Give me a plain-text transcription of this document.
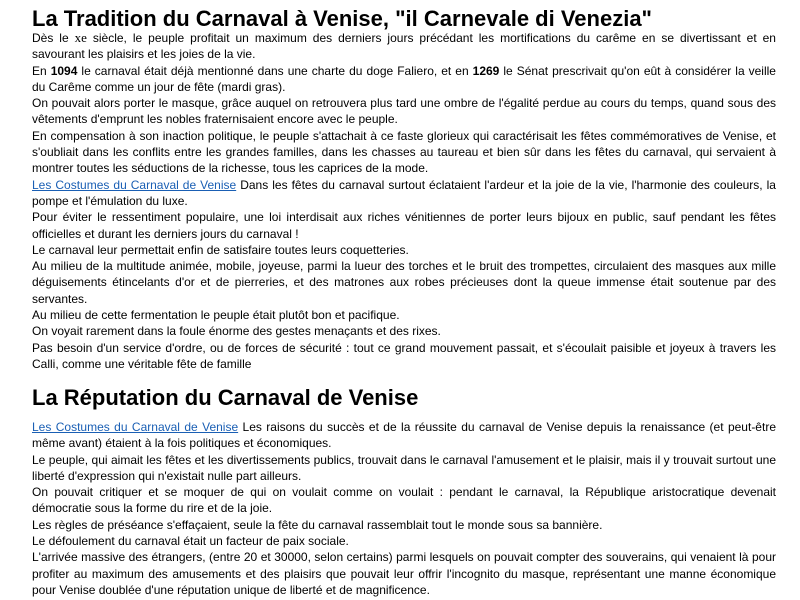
La Tradition du Carnaval à Venise, "il Carnevale di Venezia"

Dès le xe siècle, le peuple profitait un maximum des derniers jours précédant les mortifications du carême en se divertissant et en savourant les plaisirs et les joies de la vie.

En 1094 le carnaval était déjà mentionné dans une charte du doge Faliero, et en 1269 le Sénat prescrivait qu'on eût à considérer la veille du Carême comme un jour de fête (mardi gras).

On pouvait alors porter le masque, grâce auquel on retrouvera plus tard une ombre de l'égalité perdue au cours du temps, quand sous des vêtements d'emprunt les nobles fraternisaient encore avec le peuple.

En compensation à son inaction politique, le peuple s'attachait à ce faste glorieux qui caractérisait les fêtes commémoratives de Venise, et s'oubliait dans les conflits entre les grandes familles, dans les chasses au taureau et bien sûr dans les fêtes du carnaval, qui servaient à montrer toutes les séductions de la richesse, tous les caprices de la mode.

Les Costumes du Carnaval de Venise Dans les fêtes du carnaval surtout éclataient l'ardeur et la joie de la vie, l'harmonie des couleurs, la pompe et l'émulation du luxe.

Pour éviter le ressentiment populaire, une loi interdisait aux riches vénitiennes de porter leurs bijoux en public, sauf pendant les fêtes officielles et durant les derniers jours du carnaval !

Le carnaval leur permettait enfin de satisfaire toutes leurs coquetteries.

Au milieu de la multitude animée, mobile, joyeuse, parmi la lueur des torches et le bruit des trompettes, circulaient des masques aux mille déguisements étincelants d'or et de pierreries, et des matrones aux robes précieuses dont la queue immense était soutenue par des servantes.

Au milieu de cette fermentation le peuple était plutôt bon et pacifique.

On voyait rarement dans la foule énorme des gestes menaçants et des rixes.

Pas besoin d'un service d'ordre, ou de forces de sécurité : tout ce grand mouvement passait, et s'écoulait paisible et joyeux à travers les Calli, comme une véritable fête de famille

La Réputation du Carnaval de Venise

Les Costumes du Carnaval de Venise Les raisons du succès et de la réussite du carnaval de Venise depuis la renaissance (et peut-être même avant) étaient à la fois politiques et économiques.

Le peuple, qui aimait les fêtes et les divertissements publics, trouvait dans le carnaval l'amusement et le plaisir, mais il y trouvait surtout une liberté d'expression qui n'existait nulle part ailleurs.

On pouvait critiquer et se moquer de qui on voulait comme on voulait : pendant le carnaval, la République aristocratique devenait démocratie sous la forme du rire et de la joie.

Les règles de préséance s'effaçaient, seule la fête du carnaval rassemblait tout le monde sous sa bannière.

Le défoulement du carnaval était un facteur de paix sociale.

L'arrivée massive des étrangers, (entre 20 et 30000, selon certains) parmi lesquels on pouvait compter des souverains, qui venaient là pour profiter au maximum des amusements et des plaisirs que pouvait leur offrir l'incognito du masque, représentant une manne économique pour Venise doublée d'une réputation unique de liberté et de magnificence.
